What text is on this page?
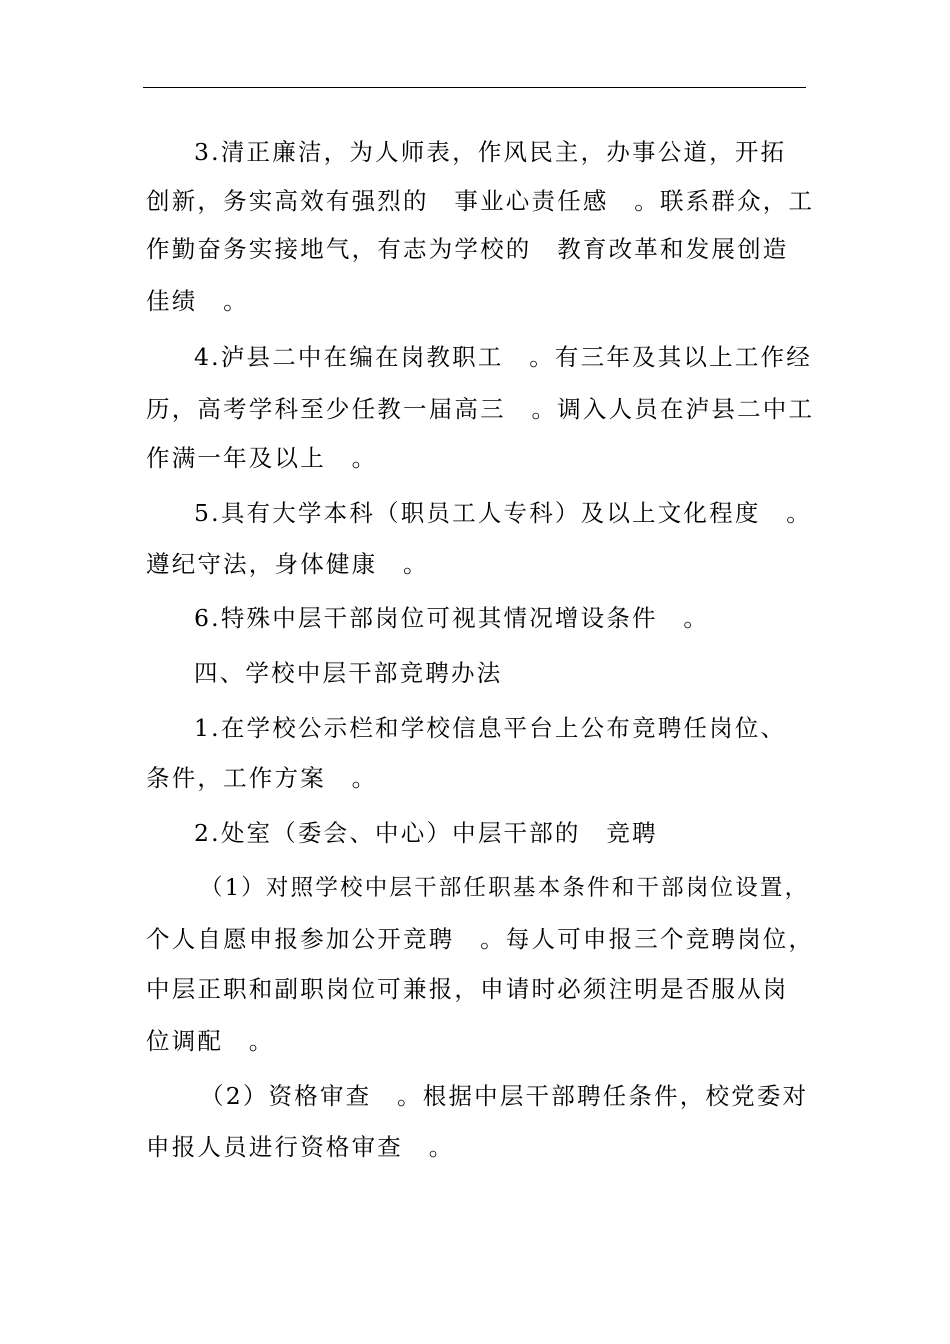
3.清正廉洁，为人师表，作风民主，办事公道，开拓
创新，务实高效有强烈的　事业心责任感　。联系群众，工
作勤奋务实接地气，有志为学校的　教育改革和发展创造
佳绩　。
4.泸县二中在编在岗教职工　。有三年及其以上工作经
历，高考学科至少任教一届高三　。调入人员在泸县二中工
作满一年及以上　。
5.具有大学本科（职员工人专科）及以上文化程度　。
遵纪守法，身体健康　。
6.特殊中层干部岗位可视其情况增设条件　。
四、学校中层干部竞聘办法
1.在学校公示栏和学校信息平台上公布竞聘任岗位、
条件，工作方案　。
2.处室（委会、中心）中层干部的　竞聘
（1）对照学校中层干部任职基本条件和干部岗位设置，
个人自愿申报参加公开竞聘　。每人可申报三个竞聘岗位，
中层正职和副职岗位可兼报，申请时必须注明是否服从岗
位调配　。
（2）资格审查　。根据中层干部聘任条件，校党委对
申报人员进行资格审查　。
